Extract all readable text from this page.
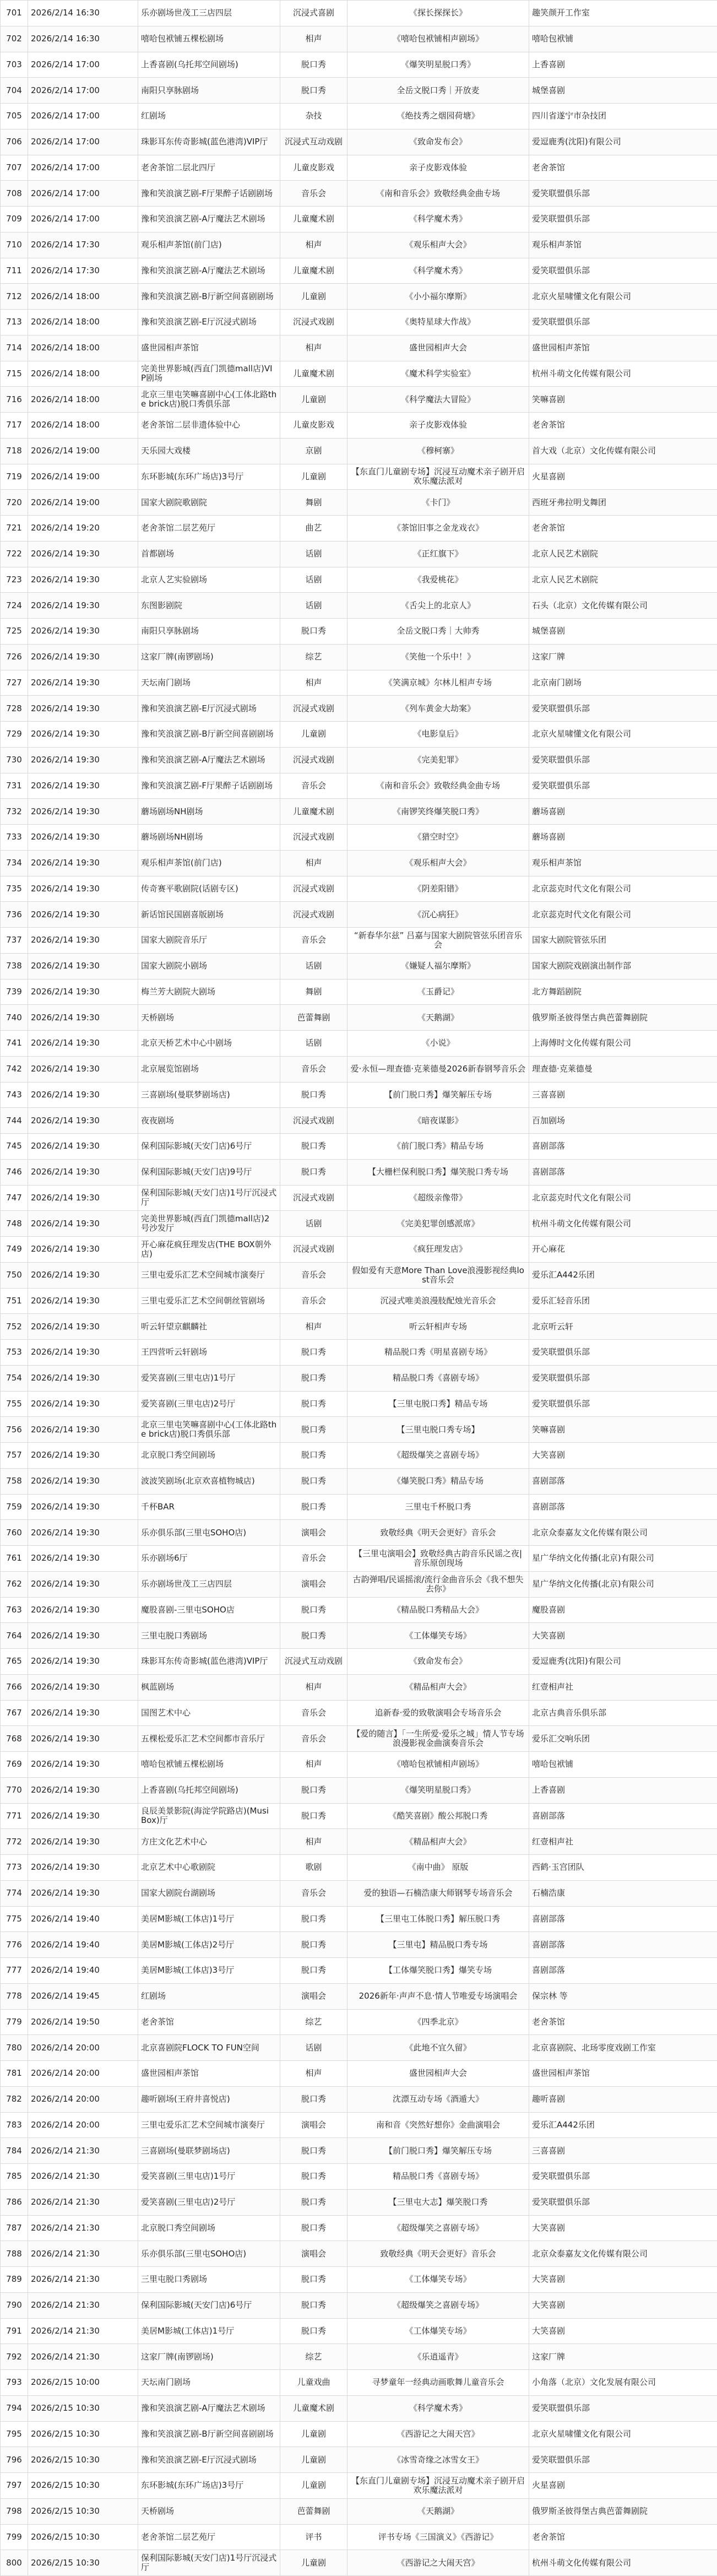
701	2026/2/14 16:30	乐亦剧场世茂工三店四层	沉浸式喜剧	《探长探探长》	趣笑颜开工作室
702	2026/2/14 16:30	嘻哈包袱铺五棵松剧场	相声	《嘻哈包袱铺相声剧场》	嘻哈包袱铺
703	2026/2/14 17:00	上香喜剧(乌托邦空间剧场)	脱口秀	《爆笑明星脱口秀》	上香喜剧
704	2026/2/14 17:00	南阳只享脉剧场	脱口秀	全岳文脱口秀｜开放麦	城堡喜剧
705	2026/2/14 17:00	红剧场	杂技	《绝技秀之烟园荷塘》	四川省遂宁市杂技团
706	2026/2/14 17:00	珠影耳东传奇影城(蓝色港湾)VIP厅	沉浸式互动戏剧	《致命发布会》	爱逗鹿秀(沈阳)有限公司
707	2026/2/14 17:00	老舍茶馆二层北四厅	儿童皮影戏	亲子皮影戏体验	老舍茶馆
708	2026/2/14 17:00	豫和笑浪演艺剧-F厅果醉子话剧剧场	音乐会	《南和音乐会》致敬经典金曲专场	爱笑联盟俱乐部
709	2026/2/14 17:00	豫和笑浪演艺剧-A厅魔法艺术剧场	儿童魔术剧	《科学魔术秀》	爱笑联盟俱乐部
710	2026/2/14 17:30	观乐相声茶馆(前门店)	相声	《观乐相声大会》	观乐相声茶馆
711	2026/2/14 17:30	豫和笑浪演艺剧-A厅魔法艺术剧场	儿童魔术剧	《科学魔术秀》	爱笑联盟俱乐部
712	2026/2/14 18:00	豫和笑浪演艺剧-B厅新空间喜剧剧场	儿童剧	《小小福尔摩斯》	北京火星啸懂文化有限公司
713	2026/2/14 18:00	豫和笑浪演艺剧-E厅沉浸式剧场	沉浸式戏剧	《奥特星球大作战》	爱笑联盟俱乐部
714	2026/2/14 18:00	盛世园相声茶馆	相声	盛世园相声大会	盛世园相声茶馆
715	2026/2/14 18:00	完美世界影城(西直门凯德mall店)VIP剧场	儿童魔术剧	《魔术科学实验室》	杭州斗萌文化传媒有限公司
716	2026/2/14 18:00	北京三里屯笑嘛喜剧中心(工体北路the brick店)脱口秀俱乐部	儿童剧	《科学魔法大冒险》	笑嘛喜剧
717	2026/2/14 18:00	老舍茶馆二层非遗体验中心	儿童皮影戏	亲子皮影戏体验	老舍茶馆
718	2026/2/14 19:00	天乐园大戏楼	京剧	《穆柯寨》	首大戏（北京）文化传媒有限公司
719	2026/2/14 19:00	东环影城(东环广场店)3号厅	儿童剧	【东直门儿童剧专场】沉浸互动魔术亲子剧开启欢乐魔法派对	火星喜剧
720	2026/2/14 19:00	国家大剧院歌剧院	舞剧	《卡门》	西班牙弗拉明戈舞团
721	2026/2/14 19:20	老舍茶馆二层艺苑厅	曲艺	《茶馆旧事之金龙戏衣》	老舍茶馆
722	2026/2/14 19:30	首都剧场	话剧	《正红旗下》	北京人民艺术剧院
723	2026/2/14 19:30	北京人艺实验剧场	话剧	《我爱桃花》	北京人民艺术剧院
724	2026/2/14 19:30	东图影剧院	话剧	《舌尖上的北京人》	石头（北京）文化传媒有限公司
725	2026/2/14 19:30	南阳只享脉剧场	脱口秀	全岳文脱口秀｜大帅秀	城堡喜剧
726	2026/2/14 19:30	这家厂牌(南锣剧场)	综艺	《笑他一个乐中！》	这家厂牌
727	2026/2/14 19:30	天坛南门剧场	相声	《笑满京城》尔林儿相声专场	北京南门剧场
728	2026/2/14 19:30	豫和笑浪演艺剧-E厅沉浸式剧场	沉浸式戏剧	《列车黄金大劫案》	爱笑联盟俱乐部
729	2026/2/14 19:30	豫和笑浪演艺剧-B厅新空间喜剧剧场	儿童剧	《电影皇后》	北京火星啸懂文化有限公司
730	2026/2/14 19:30	豫和笑浪演艺剧-A厅魔法艺术剧场	沉浸式戏剧	《完美犯罪》	爱笑联盟俱乐部
731	2026/2/14 19:30	豫和笑浪演艺剧-F厅果醉子话剧剧场	音乐会	《南和音乐会》致敬经典金曲专场	爱笑联盟俱乐部
732	2026/2/14 19:30	蘑场剧场NH剧场	儿童魔术剧	《南锣笑终爆笑脱口秀》	蘑场喜剧
733	2026/2/14 19:30	蘑场剧场NH剧场	沉浸式戏剧	《猎空时空》	蘑场喜剧
734	2026/2/14 19:30	观乐相声茶馆(前门店)	相声	《观乐相声大会》	观乐相声茶馆
735	2026/2/14 19:30	传奇赛平歌剧院(话剧专区)	沉浸式戏剧	《阴差阳错》	北京蕊克时代文化有限公司
736	2026/2/14 19:30	新话馆民国剧喜版剧场	沉浸式戏剧	《沉心病狂》	北京蕊克时代文化有限公司
737	2026/2/14 19:30	国家大剧院音乐厅	音乐会	“新春华尔兹” 吕嘉与国家大剧院管弦乐团音乐会	国家大剧院管弦乐团
738	2026/2/14 19:30	国家大剧院小剧场	话剧	《嫌疑人福尔摩斯》	国家大剧院戏剧演出制作部
739	2026/2/14 19:30	梅兰芳大剧院大剧场	舞剧	《玉爵记》	北方舞蹈剧院
740	2026/2/14 19:30	天桥剧场	芭蕾舞剧	《天鹅湖》	俄罗斯圣彼得堡古典芭蕾舞剧院
741	2026/2/14 19:30	北京天桥艺术中心中剧场	话剧	《小说》	上海傅时文化传媒有限公司
742	2026/2/14 19:30	北京展览馆剧场	音乐会	爱·永恒—理查德·克莱德曼2026新春钢琴音乐会	理查德·克莱德曼
743	2026/2/14 19:30	三喜剧场(曼联梦剧场店)	脱口秀	【前门脱口秀】爆笑解压专场	三喜喜剧
744	2026/2/14 19:30	夜夜剧场	沉浸式戏剧	《暗夜谋影》	百加剧场
745	2026/2/14 19:30	保利国际影城(天安门店)6号厅	脱口秀	《前门脱口秀》精品专场	喜剧部落
746	2026/2/14 19:30	保利国际影城(天安门店)9号厅	脱口秀	【大栅栏保利脱口秀】爆笑脱口秀专场	喜剧部落
747	2026/2/14 19:30	保利国际影城(天安门店)1号厅沉浸式厅	沉浸式戏剧	《超级亲像带》	北京蕊克时代文化有限公司
748	2026/2/14 19:30	完美世界影城(西直门凯德mall店)2号沙发厅	话剧	《完美犯罪创感派席》	杭州斗萌文化传媒有限公司
749	2026/2/14 19:30	开心麻花疯狂理发店(THE BOX朝外店)	沉浸式戏剧	《疯狂理发店》	开心麻花
750	2026/2/14 19:30	三里屯爱乐汇艺术空间城市演奏厅	音乐会	假如爱有天意More Than Love浪漫影视经典lost音乐会	爱乐汇A442乐团
751	2026/2/14 19:30	三里屯爱乐汇艺术空间朝丝管剧场	音乐会	沉浸式唯美浪漫肢配烛光音乐会	爱乐汇轻音乐团
752	2026/2/14 19:30	听云轩望京麒麟社	相声	听云轩相声专场	北京听云轩
753	2026/2/14 19:30	王四营听云轩剧场	脱口秀	精品脱口秀《明星喜剧专场》	爱笑联盟俱乐部
754	2026/2/14 19:30	爱笑喜剧(三里屯店)1号厅	脱口秀	精品脱口秀《喜剧专场》	爱笑联盟俱乐部
755	2026/2/14 19:30	爱笑喜剧(三里屯店)2号厅	脱口秀	【三里屯脱口秀】精品专场	爱笑联盟俱乐部
756	2026/2/14 19:30	北京三里屯笑嘛喜剧中心(工体北路the brick店)脱口秀俱乐部	脱口秀	【三里屯脱口秀专场】	笑嘛喜剧
757	2026/2/14 19:30	北京脱口秀空间剧场	脱口秀	《超级爆笑之喜剧专场》	大笑喜剧
758	2026/2/14 19:30	波波笑剧场(北京欢喜植物城店)	脱口秀	《爆笑脱口秀》精品专场	喜剧部落
759	2026/2/14 19:30	千杯BAR	脱口秀	三里屯千杯脱口秀	喜剧部落
760	2026/2/14 19:30	乐亦俱乐部(三里屯SOHO店)	演唱会	致敬经典《明天会更好》音乐会	北京众泰嘉友文化传媒有限公司
761	2026/2/14 19:30	乐亦剧场6厅	音乐会	【三里屯演唱会】致敬经典古韵音乐民谣之夜|音乐原创现场	星广华纳文化传播(北京)有限公司
762	2026/2/14 19:30	乐亦剧场世茂工三店四层	演唱会	古韵弹唱/民谣摇滚/流行金曲音乐会《我不想失去你》	星广华纳文化传播(北京)有限公司
763	2026/2/14 19:30	魔股喜剧-三里屯SOHO店	脱口秀	《精品脱口秀精品大会》	魔股喜剧
764	2026/2/14 19:30	三里屯脱口秀剧场	脱口秀	《工体爆笑专场》	大笑喜剧
765	2026/2/14 19:30	珠影耳东传奇影城(蓝色港湾)VIP厅	沉浸式互动戏剧	《致命发布会》	爱逗鹿秀(沈阳)有限公司
766	2026/2/14 19:30	枫蓝剧场	相声	《精品相声大会》	红壹相声社
767	2026/2/14 19:30	国图艺术中心	音乐会	追新春·爱的致敬演唱会专场音乐会	北京古典音乐俱乐部
768	2026/2/14 19:30	五棵松爱乐汇艺术空间都市音乐厅	音乐会	【爱的随言】「一生所爱·爱乐之城」情人节专场浪漫影视金曲演奏音乐会	爱乐汇交响乐团
769	2026/2/14 19:30	嘻哈包袱铺五棵松剧场	相声	《嘻哈包袱铺相声剧场》	嘻哈包袱铺
770	2026/2/14 19:30	上香喜剧(乌托邦空间剧场)	脱口秀	《爆笑明星脱口秀》	上香喜剧
771	2026/2/14 19:30	良辰美景影院(海淀学院路店)(Musi Box)厅	脱口秀	《酷笑喜剧》酸公邦脱口秀	喜剧部落
772	2026/2/14 19:30	方庄文化艺术中心	相声	《精品相声大会》	红壹相声社
773	2026/2/14 19:30	北京艺术中心歌剧院	歌剧	《南中曲》 原版	西鹤·玉宫团队
774	2026/2/14 19:30	国家大剧院台湖剧场	音乐会	爱的独语—石楠浩康大师钢琴专场音乐会	石楠浩康
775	2026/2/14 19:40	美居M影城(工体店)1号厅	脱口秀	【三里屯工体脱口秀】解压脱口秀	喜剧部落
776	2026/2/14 19:40	美居M影城(工体店)2号厅	脱口秀	【三里屯】精品脱口秀专场	喜剧部落
777	2026/2/14 19:40	美居M影城(工体店)3号厅	脱口秀	【工体爆笑脱口秀】爆笑专场	喜剧部落
778	2026/2/14 19:45	红剧场	演唱会	2026新年·声声不息·情人节唯爱专场演唱会	保宗林 等
779	2026/2/14 19:50	老舍茶馆	综艺	《四季北京》	老舍茶馆
780	2026/2/14 20:00	北京喜剧院FLOCK TO FUN空间	话剧	《此地不宜久留》	北京喜剧院、北玚零度戏剧工作室
781	2026/2/14 20:00	盛世园相声茶馆	相声	盛世园相声大会	盛世园相声茶馆
782	2026/2/14 20:00	趣听剧场(王府井喜悦店)	脱口秀	沈漂互动专场《酒遁大》	趣听喜剧
783	2026/2/14 20:00	三里屯爱乐汇艺术空间城市演奏厅	演唱会	南和音《突然好想你》金曲演唱会	爱乐汇A442乐团
784	2026/2/14 21:30	三喜剧场(曼联梦剧场店)	脱口秀	【前门脱口秀】爆笑解压专场	三喜喜剧
785	2026/2/14 21:30	爱笑喜剧(三里屯店)1号厅	脱口秀	精品脱口秀《喜剧专场》	爱笑联盟俱乐部
786	2026/2/14 21:30	爱笑喜剧(三里屯店)2号厅	脱口秀	【三里屯大志】爆笑脱口秀	爱笑联盟俱乐部
787	2026/2/14 21:30	北京脱口秀空间剧场	脱口秀	《超级爆笑之喜剧专场》	大笑喜剧
788	2026/2/14 21:30	乐亦俱乐部(三里屯SOHO店)	演唱会	致敬经典《明天会更好》音乐会	北京众泰嘉友文化传媒有限公司
789	2026/2/14 21:30	三里屯脱口秀剧场	脱口秀	《工体爆笑专场》	大笑喜剧
790	2026/2/14 21:30	保利国际影城(天安门店)6号厅	脱口秀	《超级爆笑之喜剧专场》	大笑喜剧
791	2026/2/14 21:30	美居M影城(工体店)1号厅	脱口秀	《工体爆笑专场》	大笑喜剧
792	2026/2/14 21:30	这家厂牌(南锣剧场)	综艺	《乐逍遥青》	这家厂牌
793	2026/2/15 10:00	天坛南门剧场	儿童戏曲	寻梦童年一经典动画歌舞儿童音乐会	小角落（北京）文化发展有限公司
794	2026/2/15 10:30	豫和笑浪演艺剧-A厅魔法艺术剧场	儿童魔术剧	《科学魔术秀》	爱笑联盟俱乐部
795	2026/2/15 10:30	豫和笑浪演艺剧-B厅新空间喜剧剧场	儿童剧	《西游记之大闹天宫》	北京火星啸懂文化有限公司
796	2026/2/15 10:30	豫和笑浪演艺剧-E厅沉浸式剧场	儿童剧	《冰雪奇缘之冰雪女王》	爱笑联盟俱乐部
797	2026/2/15 10:30	东环影城(东环广场店)3号厅	儿童剧	【东直门儿童剧专场】沉浸互动魔术亲子剧开启欢乐魔法派对	火星喜剧
798	2026/2/15 10:30	天桥剧场	芭蕾舞剧	《天鹅湖》	俄罗斯圣彼得堡古典芭蕾舞剧院
799	2026/2/15 10:30	老舍茶馆二层艺苑厅	评书	评书专场《三国演义》《西游记》	老舍茶馆
800	2026/2/15 10:30	保利国际影城(天安门店)1号厅沉浸式厅	儿童剧	《西游记之大闹天宫》	杭州斗萌文化传媒有限公司
